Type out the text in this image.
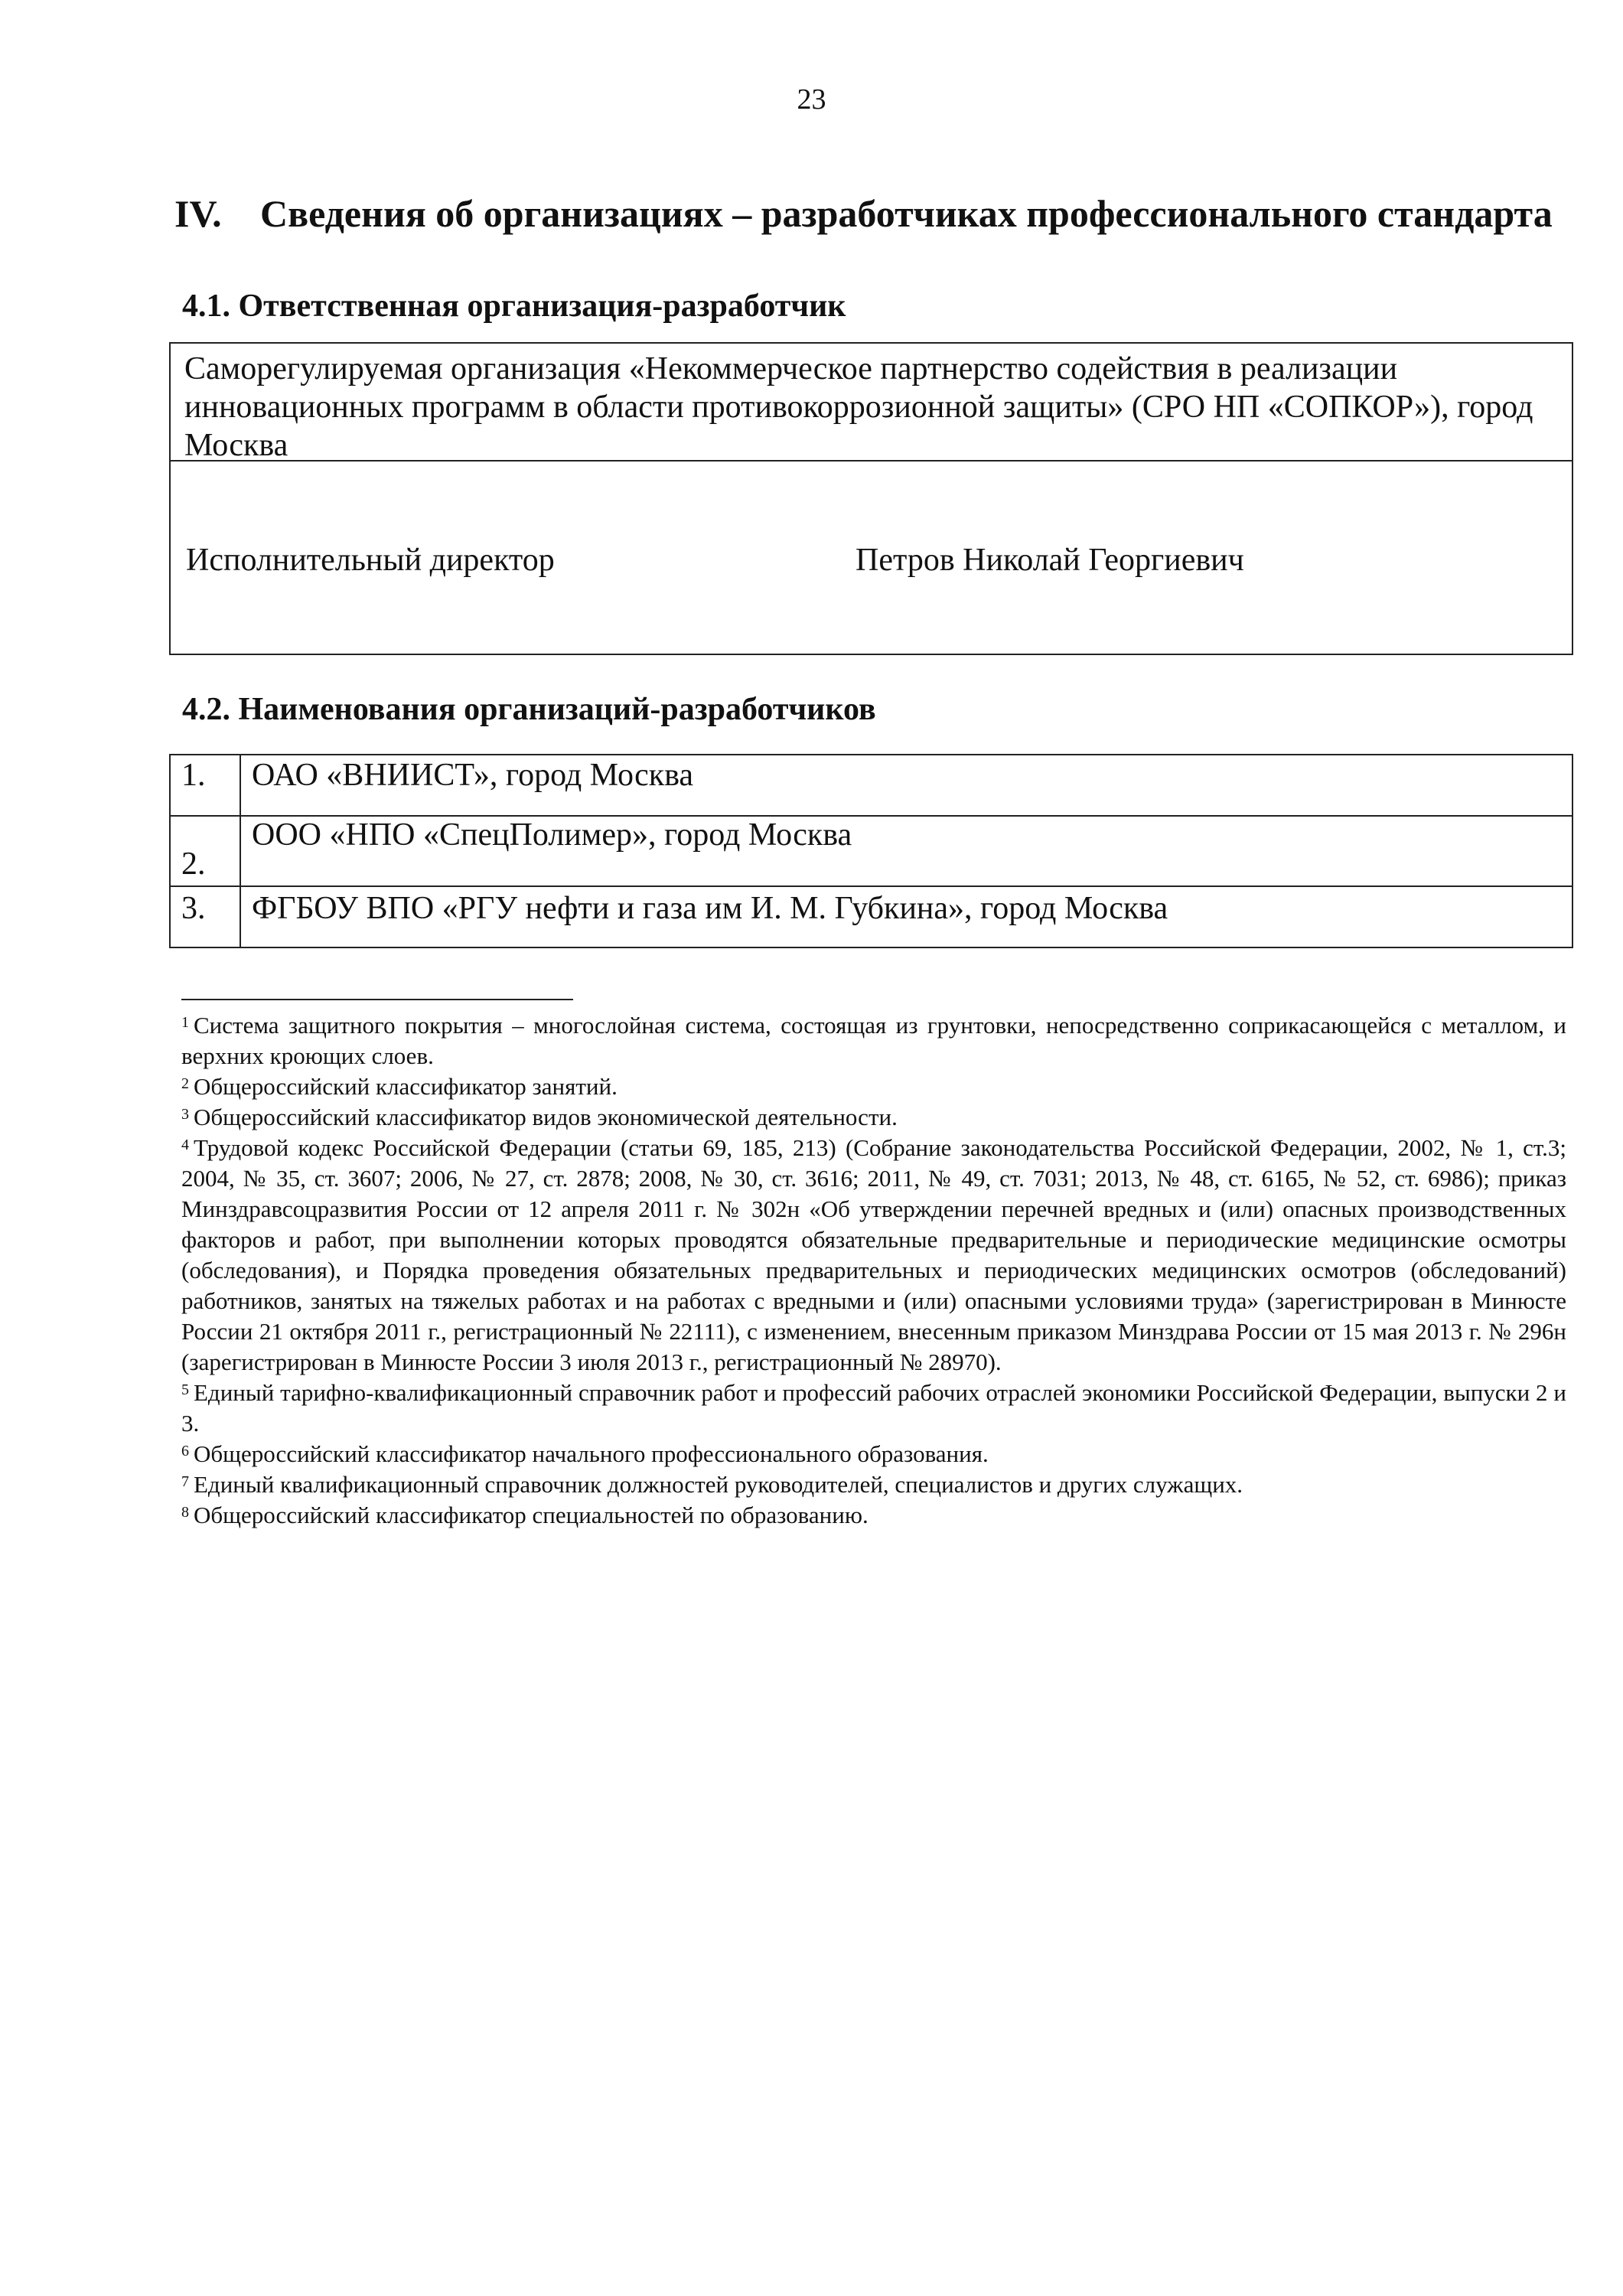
23
IV. Сведения об организациях – разработчиках профессионального стандарта
4.1. Ответственная организация-разработчик
Саморегулируемая организация «Некоммерческое партнерство содействия в реализации инновационных программ в области противокоррозионной защиты» (СРО НП «СОПКОР»), город Москва
Исполнительный директор	Петров Николай Георгиевич
4.2. Наименования организаций-разработчиков
1.	ОАО «ВНИИСТ», город Москва
2.	ООО «НПО «СпецПолимер», город Москва
3.	ФГБОУ ВПО «РГУ нефти и газа им И. М. Губкина», город Москва

$^1$ Система защитного покрытия – многослойная система, состоящая из грунтовки, непосредственно соприкасающейся с металлом, и верхних кроющих слоев.

$^2$ Общероссийский классификатор занятий.

$^3$ Общероссийский классификатор видов экономической деятельности.

$^4$ Трудовой кодекс Российской Федерации (статьи 69, 185, 213) (Собрание законодательства Российской Федерации, 2002, № 1, ст.3; 2004, № 35, ст. 3607; 2006, № 27, ст. 2878; 2008, № 30, ст. 3616; 2011, № 49, ст. 7031; 2013, № 48, ст. 6165, № 52, ст. 6986); приказ Минздравсоцразвития России от 12 апреля 2011 г. № 302н «Об утверждении перечней вредных и (или) опасных производственных факторов и работ, при выполнении которых проводятся обязательные предварительные и периодические медицинские осмотры (обследования), и Порядка проведения обязательных предварительных и периодических медицинских осмотров (обследований) работников, занятых на тяжелых работах и на работах с вредными и (или) опасными условиями труда» (зарегистрирован в Минюсте России 21 октября 2011 г., регистрационный № 22111), с изменением, внесенным приказом Минздрава России от 15 мая 2013 г. № 296н (зарегистрирован в Минюсте России 3 июля 2013 г., регистрационный № 28970).

$^5$ Единый тарифно-квалификационный справочник работ и профессий рабочих отраслей экономики Российской Федерации, выпуски 2 и 3.

$^6$ Общероссийский классификатор начального профессионального образования.

$^7$ Единый квалификационный справочник должностей руководителей, специалистов и других служащих.

$^8$ Общероссийский классификатор специальностей по образованию.
